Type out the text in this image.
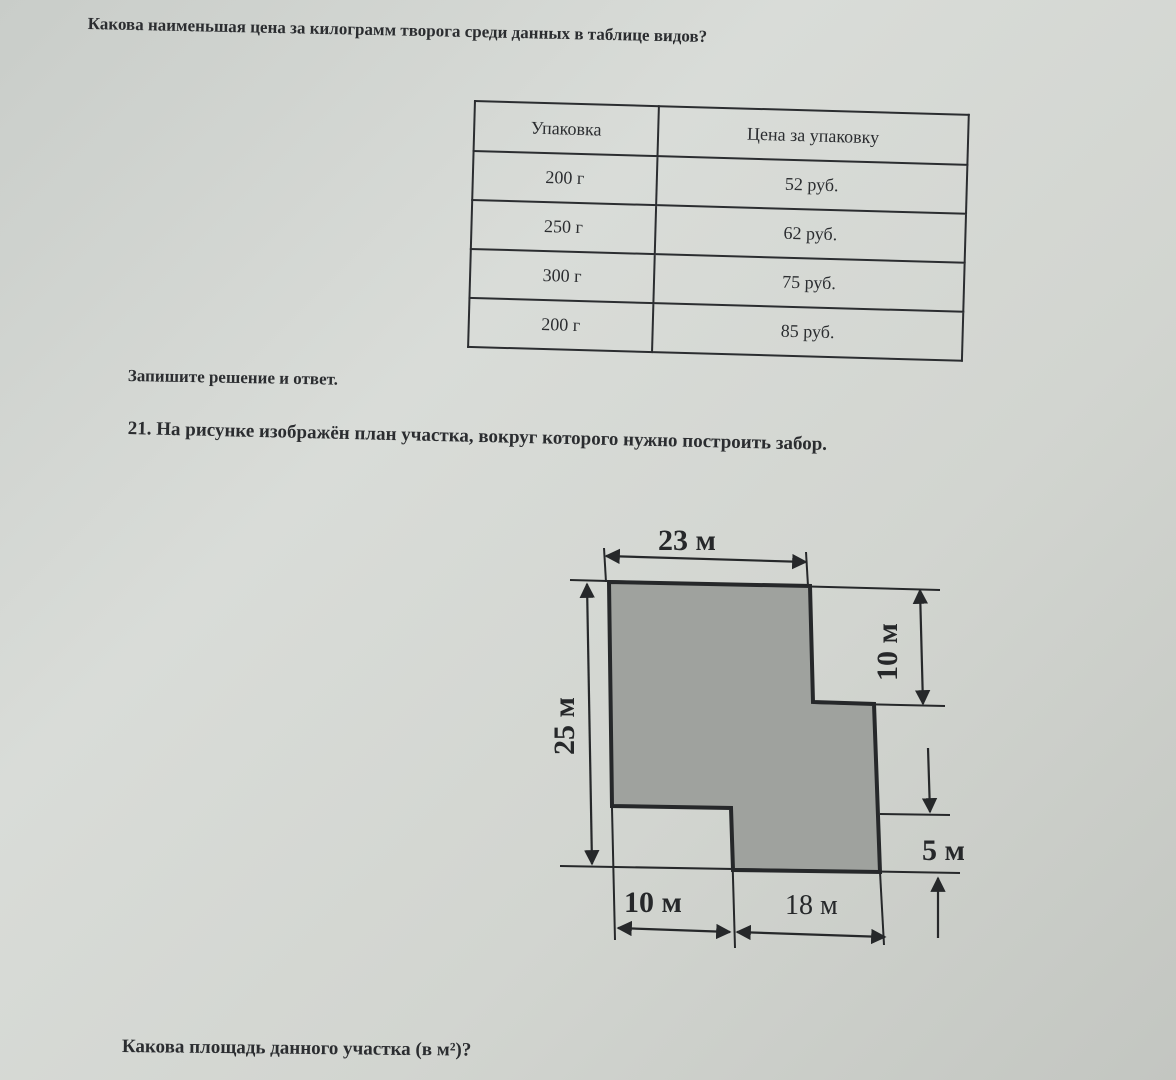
Какова наименьшая цена за килограмм творога среди данных в таблице видов?

Упаковка	Цена за упаковку
200 г	52 руб.
250 г	62 руб.
300 г	75 руб.
200 г	85 руб.

Запишите решение и ответ.

21. На рисунке изображён план участка, вокруг которого нужно построить забор.

23 м
25 м
10 м
5 м
10 м	18 м

Какова площадь данного участка (в м²)?
